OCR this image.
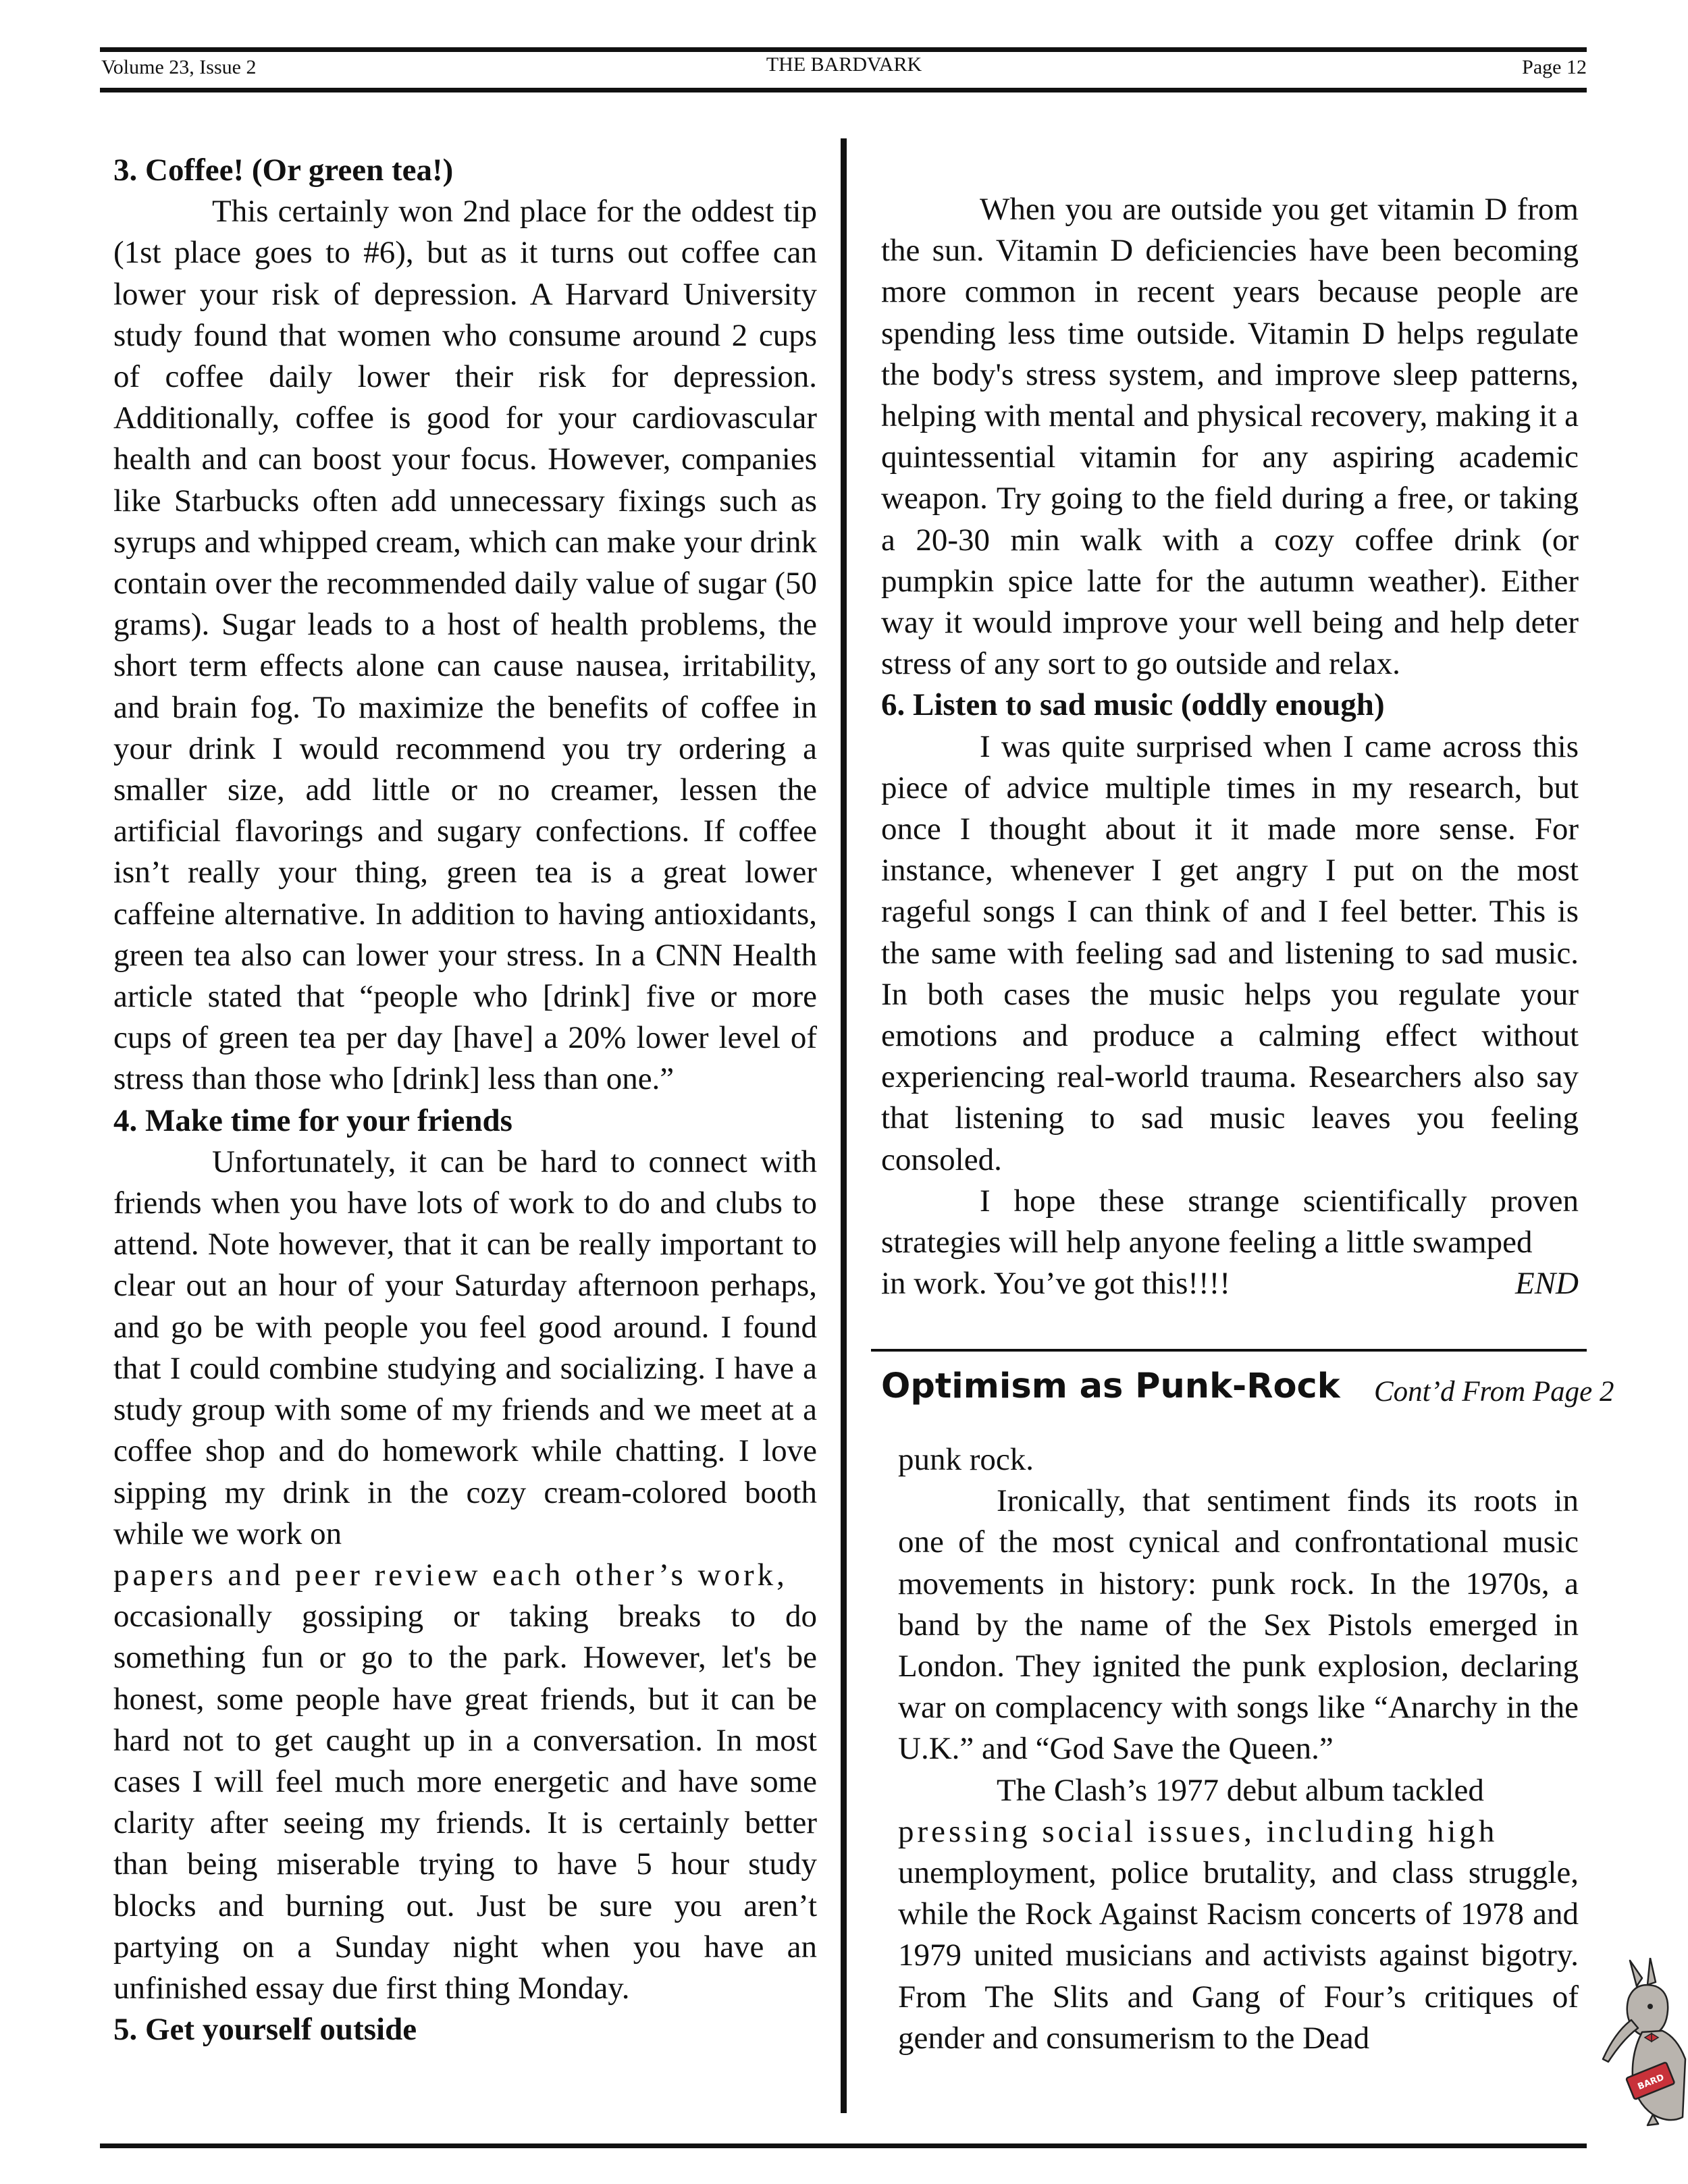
Volume 23, Issue 2	THE BARDVARK	Page 12
3. Coffee! (Or green tea!)

This certainly won 2nd place for the oddest tip (1st place goes to #6), but as it turns out coffee can lower your risk of depression. A Harvard University study found that women who consume around 2 cups of coffee daily lower their risk for depression. Additionally, coffee is good for your cardiovascular health and can boost your focus. However, companies like Starbucks often add unnecessary fixings such as syrups and whipped cream, which can make your drink contain over the recommended daily value of sugar (50 grams). Sugar leads to a host of health problems, the short term effects alone can cause nausea, irritability, and brain fog. To maximize the benefits of coffee in your drink I would recommend you try ordering a smaller size, add little or no creamer, lessen the artificial flavorings and sugary confections. If coffee isn’t really your thing, green tea is a great lower caffeine alternative. In addition to having antioxidants, green tea also can lower your stress. In a CNN Health article stated that “people who [drink] five or more cups of green tea per day [have] a 20% lower level of stress than those who [drink] less than one.”

4. Make time for your friends

Unfortunately, it can be hard to connect with friends when you have lots of work to do and clubs to attend. Note however, that it can be really important to clear out an hour of your Saturday afternoon perhaps, and go be with people you feel good around. I found that I could combine studying and socializing. I have a study group with some of my friends and we meet at a coffee shop and do homework while chatting. I love sipping my drink in the cozy cream-colored booth while we work on

papers and peer review each other’s work,

occasionally gossiping or taking breaks to do something fun or go to the park. However, let's be honest, some people have great friends, but it can be hard not to get caught up in a conversation. In most cases I will feel much more energetic and have some clarity after seeing my friends. It is certainly better than being miserable trying to have 5 hour study blocks and burning out. Just be sure you aren’t partying on a Sunday night when you have an unfinished essay due first thing Monday.

5. Get yourself outside

When you are outside you get vitamin D from the sun. Vitamin D deficiencies have been becoming more common in recent years because people are spending less time outside. Vitamin D helps regulate the body's stress system, and improve sleep patterns, helping with mental and physical recovery, making it a quintessential vitamin for any aspiring academic weapon. Try going to the field during a free, or taking a 20-30 min walk with a cozy coffee drink (or pumpkin spice latte for the autumn weather). Either way it would improve your well being and help deter stress of any sort to go outside and relax.

6. Listen to sad music (oddly enough)

I was quite surprised when I came across this piece of advice multiple times in my research, but once I thought about it it made more sense. For instance, whenever I get angry I put on the most rageful songs I can think of and I feel better. This is the same with feeling sad and listening to sad music. In both cases the music helps you regulate your emotions and produce a calming effect without experiencing real-world trauma. Researchers also say that listening to sad music leaves you feeling consoled.

I hope these strange scientifically proven strategies will help anyone feeling a little swamped

in work. You’ve got this!!!!	END
Optimism as Punk-Rock Cont’d From Page 2

punk rock.

Ironically, that sentiment finds its roots in one of the most cynical and confrontational music movements in history: punk rock. In the 1970s, a band by the name of the Sex Pistols emerged in London. They ignited the punk explosion, declaring war on complacency with songs like “Anarchy in the U.K.” and “God Save the Queen.”

The Clash’s 1977 debut album tackled

pressing social issues, including high

unemployment, police brutality, and class struggle, while the Rock Against Racism concerts of 1978 and 1979 united musicians and activists against bigotry. From The Slits and Gang of Four’s critiques of gender and consumerism to the Dead

BARD
